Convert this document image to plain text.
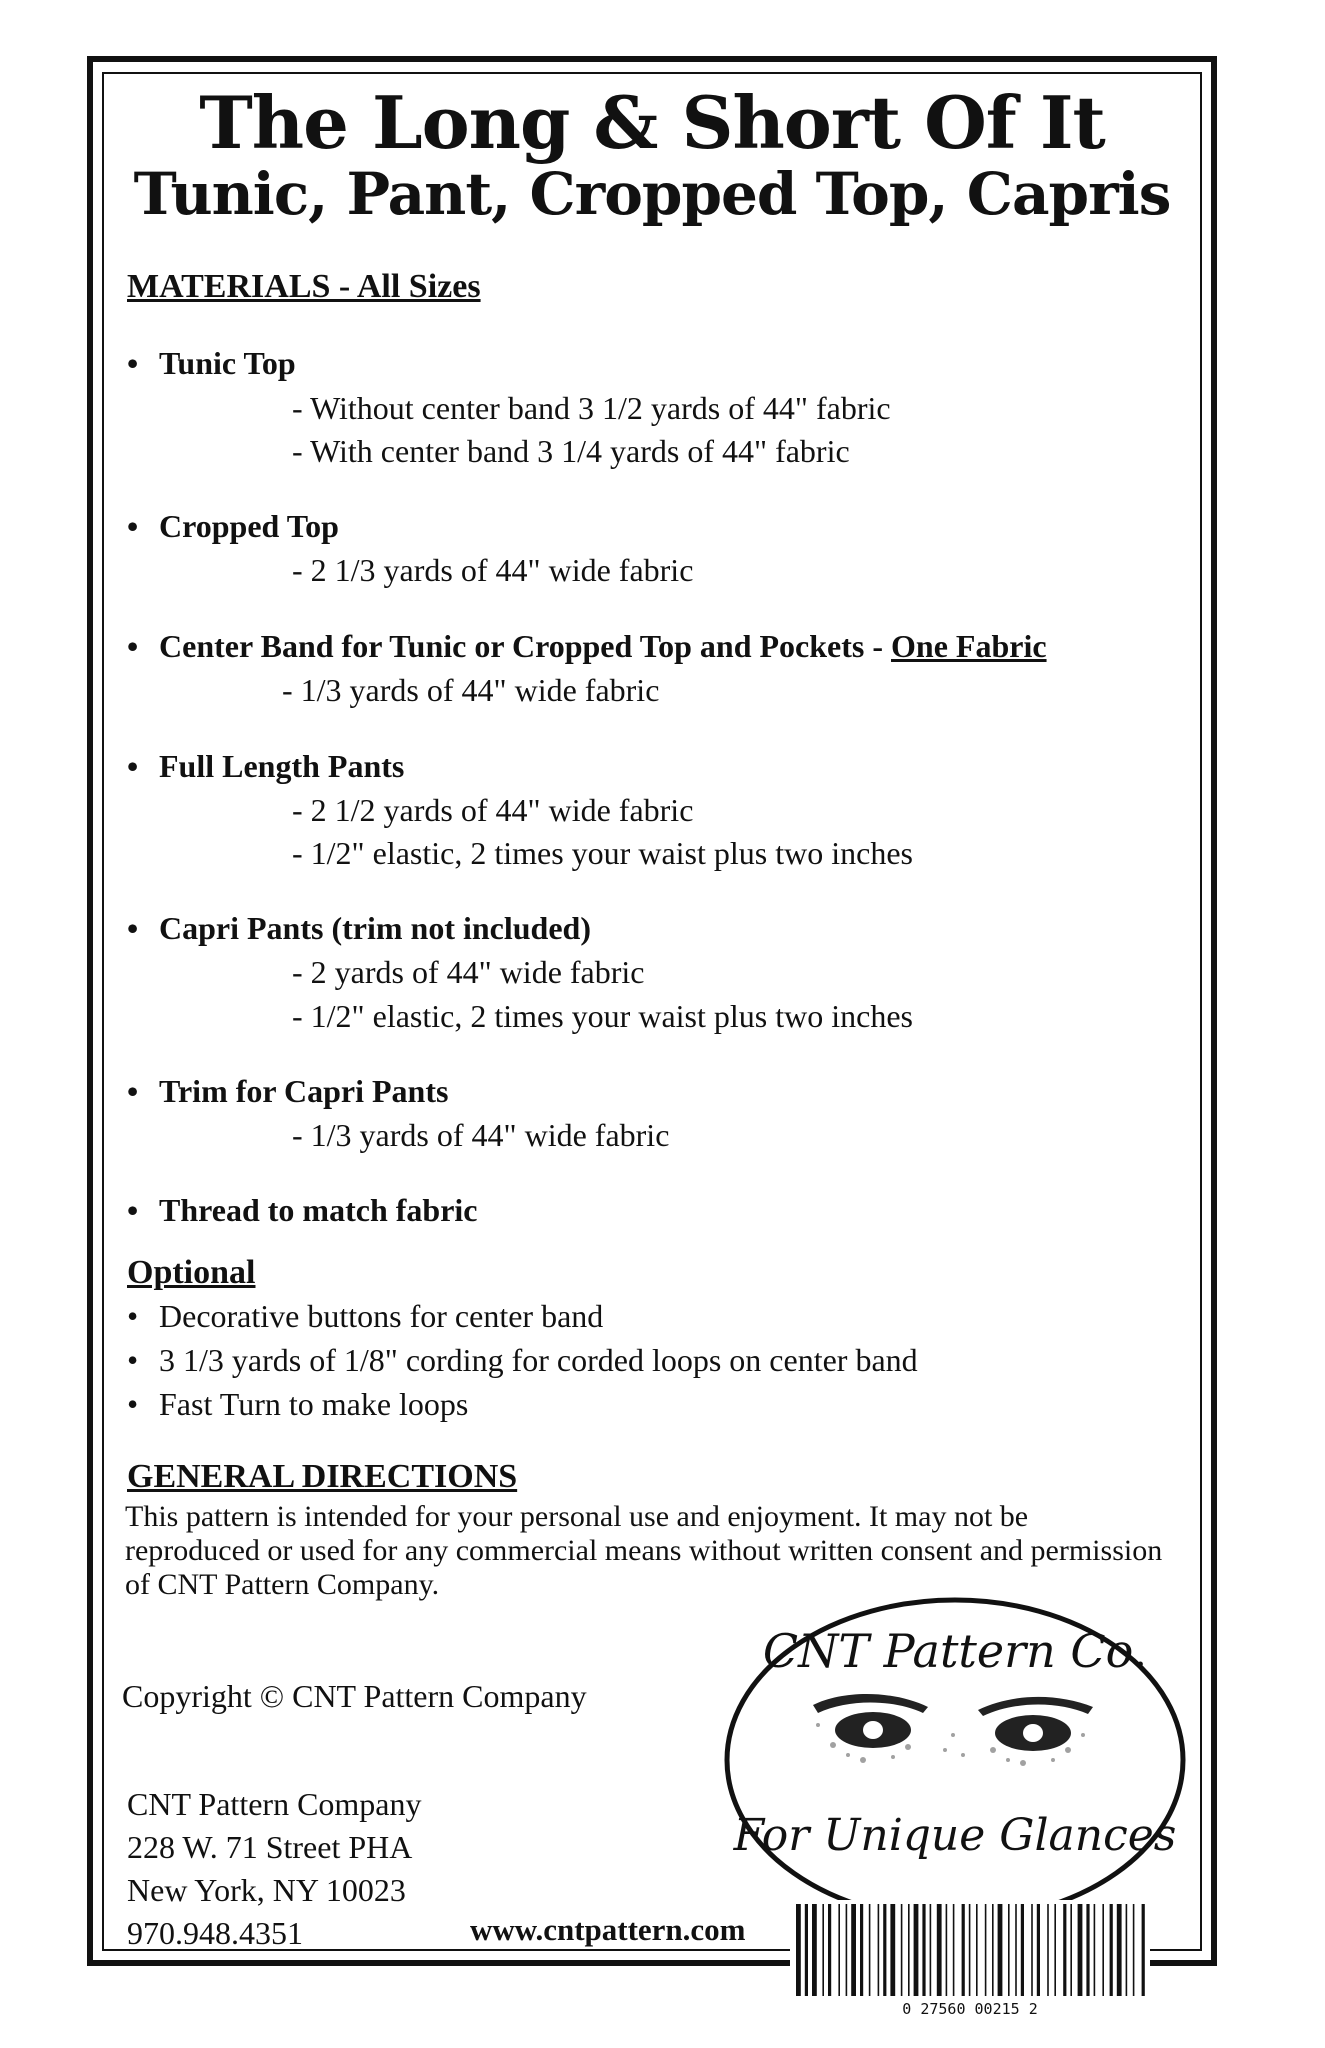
The Long & Short Of It
Tunic, Pant, Cropped Top, Capris
MATERIALS - All Sizes
• Tunic Top
- Without center band 3 1/2 yards of 44" fabric
- With center band 3 1/4 yards of 44" fabric
• Cropped Top
- 2 1/3 yards of 44" wide fabric
• Center Band for Tunic or Cropped Top and Pockets - One Fabric
- 1/3 yards of 44" wide fabric
• Full Length Pants
- 2 1/2 yards of 44" wide fabric
- 1/2" elastic, 2 times your waist plus two inches
• Capri Pants (trim not included)
- 2 yards of 44" wide fabric
- 1/2" elastic, 2 times your waist plus two inches
• Trim for Capri Pants
- 1/3 yards of 44" wide fabric
• Thread to match fabric
Optional
• Decorative buttons for center band
• 3 1/3 yards of 1/8" cording for corded loops on center band
• Fast Turn to make loops
GENERAL DIRECTIONS
This pattern is intended for your personal use and enjoyment. It may not be reproduced or used for any commercial means without written consent and permission of CNT Pattern Company.
Copyright © CNT Pattern Company
CNT Pattern Company
228 W. 71 Street PHA
New York, NY 10023
970.948.4351	www.cntpattern.com
CNT Pattern Co.
For Unique Glances
0 27560 00215 2
